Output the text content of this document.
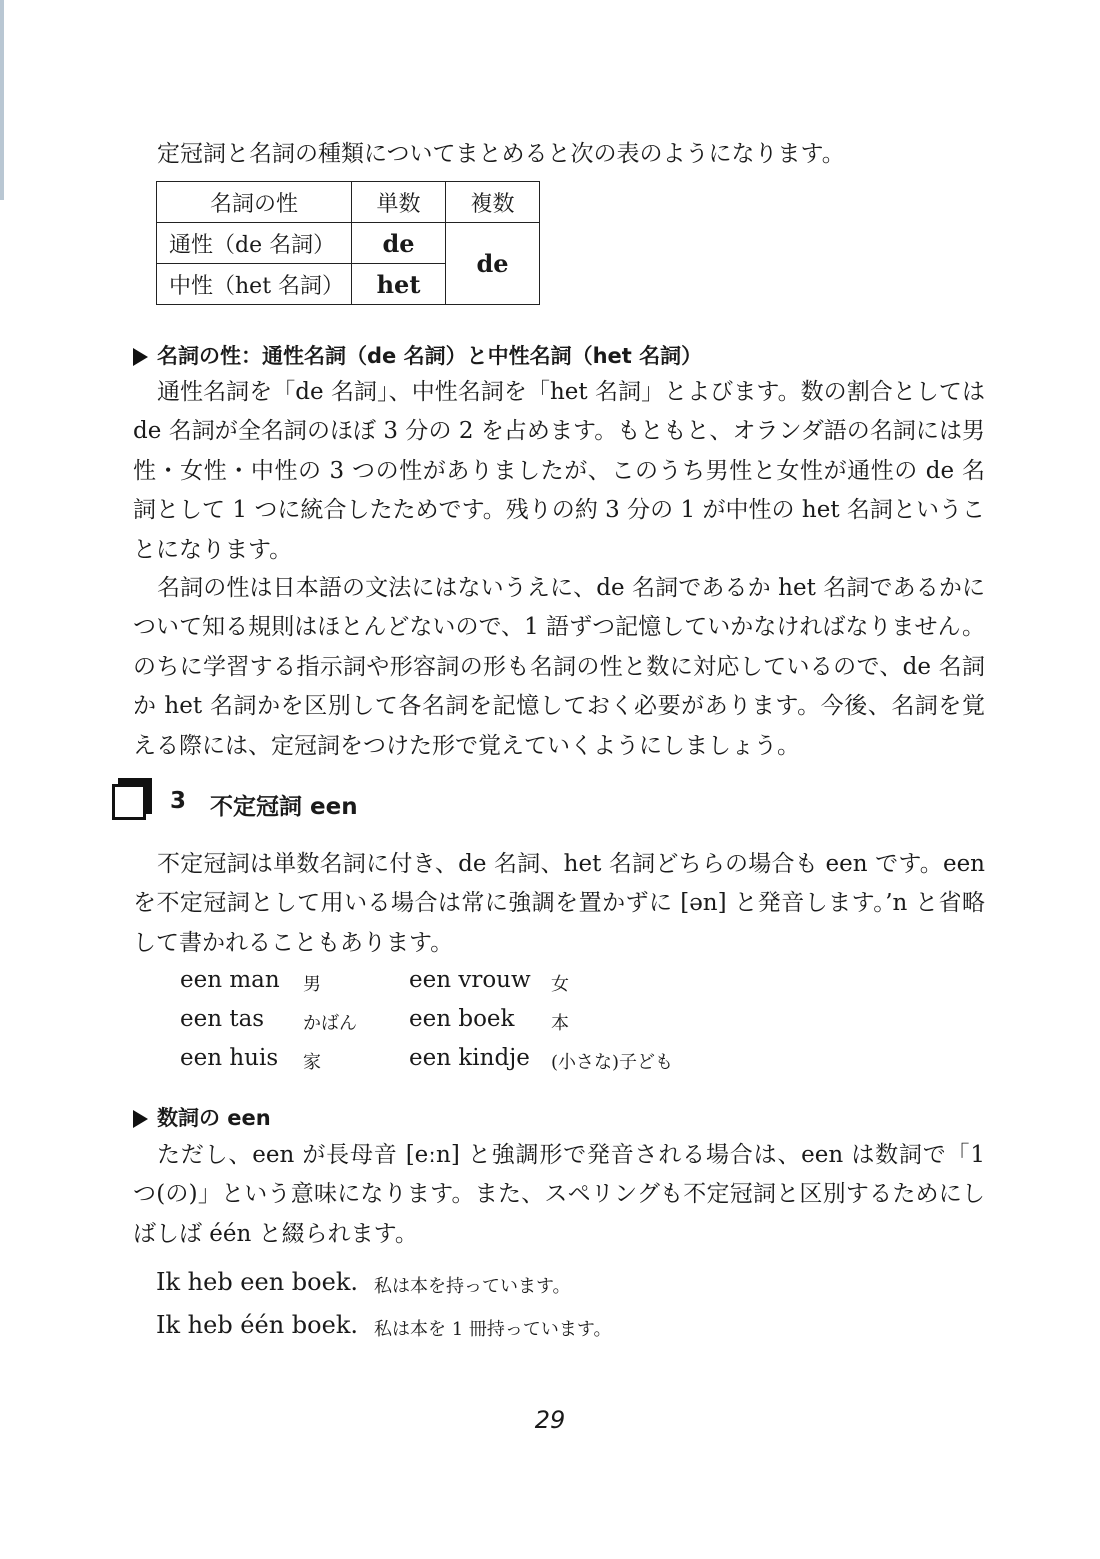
定冠詞と名詞の種類についてまとめると次の表のようになります。
名詞の性	単数	複数
通性（de 名詞）	de	de
中性（het 名詞）	het	
名詞の性：通性名詞（de 名詞）と中性名詞（het 名詞）

通性名詞を「de 名詞」、中性名詞を「het 名詞」とよびます。数の割合としては de 名詞が全名詞のほぼ 3 分の 2 を占めます。もともと、オランダ語の名詞には男性・女性・中性の 3 つの性がありましたが、このうち男性と女性が通性の de 名詞として 1 つに統合したためです。残りの約 3 分の 1 が中性の het 名詞ということになります。

名詞の性は日本語の文法にはないうえに、de 名詞であるか het 名詞であるかについて知る規則はほとんどないので、1 語ずつ記憶していかなければなりません。のちに学習する指示詞や形容詞の形も名詞の性と数に対応しているので、de 名詞か het 名詞かを区別して各名詞を記憶しておく必要があります。今後、名詞を覚える際には、定冠詞をつけた形で覚えていくようにしましょう。

3 不定冠詞 een

不定冠詞は単数名詞に付き、de 名詞、het 名詞どちらの場合も een です。een を不定冠詞として用いる場合は常に強調を置かずに [ən] と発音します。’n と省略して書かれることもあります。

een man 男	een vrouw 女
een tas かばん een boek 本
een huis 家	een kindje (小さな)子ども
数詞の een

ただし、een が長母音 [eːn] と強調形で発音される場合は、een は数詞で「1 つ(の)」という意味になります。また、スペリングも不定冠詞と区別するためにしばしば één と綴られます。

Ik heb een boek. 私は本を持っています。
Ik heb één boek. 私は本を 1 冊持っています。
29
